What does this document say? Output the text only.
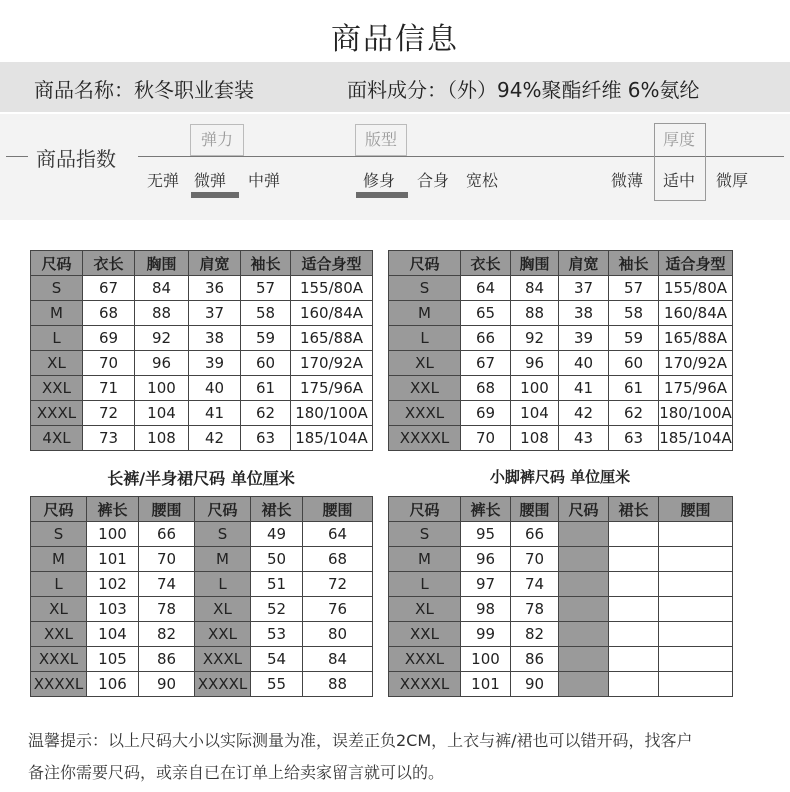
商品信息
商品名称：秋冬职业套装	面料成分：（外）94%聚酯纤维 6%氨纶
商品指数
弹力
无弹 微弹 中弹
版型
修身 合身 宽松
厚度
微薄 适中 微厚
尺码	衣长	胸围	肩宽	袖长	适合身型
S	67	84	36	57	155/80A
M	68	88	37	58	160/84A
L	69	92	38	59	165/88A
XL	70	96	39	60	170/92A
XXL	71	100	40	61	175/96A
XXXL	72	104	41	62	180/100A
4XL	73	108	42	63	185/104A
尺码	衣长	胸围	肩宽	袖长	适合身型
S	64	84	37	57	155/80A
M	65	88	38	58	160/84A
L	66	92	39	59	165/88A
XL	67	96	40	60	170/92A
XXL	68	100	41	61	175/96A
XXXL	69	104	42	62	180/100A
XXXXL	70	108	43	63	185/104A
长裤/半身裙尺码 单位厘米	小脚裤尺码 单位厘米
尺码	裤长	腰围	尺码	裙长	腰围
S	100	66	S	49	64
M	101	70	M	50	68
L	102	74	L	51	72
XL	103	78	XL	52	76
XXL	104	82	XXL	53	80
XXXL	105	86	XXXL	54	84
XXXXL	106	90	XXXXL	55	88
尺码	裤长	腰围	尺码	裙长	腰围
S	95	66			
M	96	70			
L	97	74			
XL	98	78			
XXL	99	82			
XXXL	100	86			
XXXXL	101	90			
温馨提示：以上尺码大小以实际测量为准，误差正负2CM，上衣与裤/裙也可以错开码，找客户
备注你需要尺码，或亲自已在订单上给卖家留言就可以的。
